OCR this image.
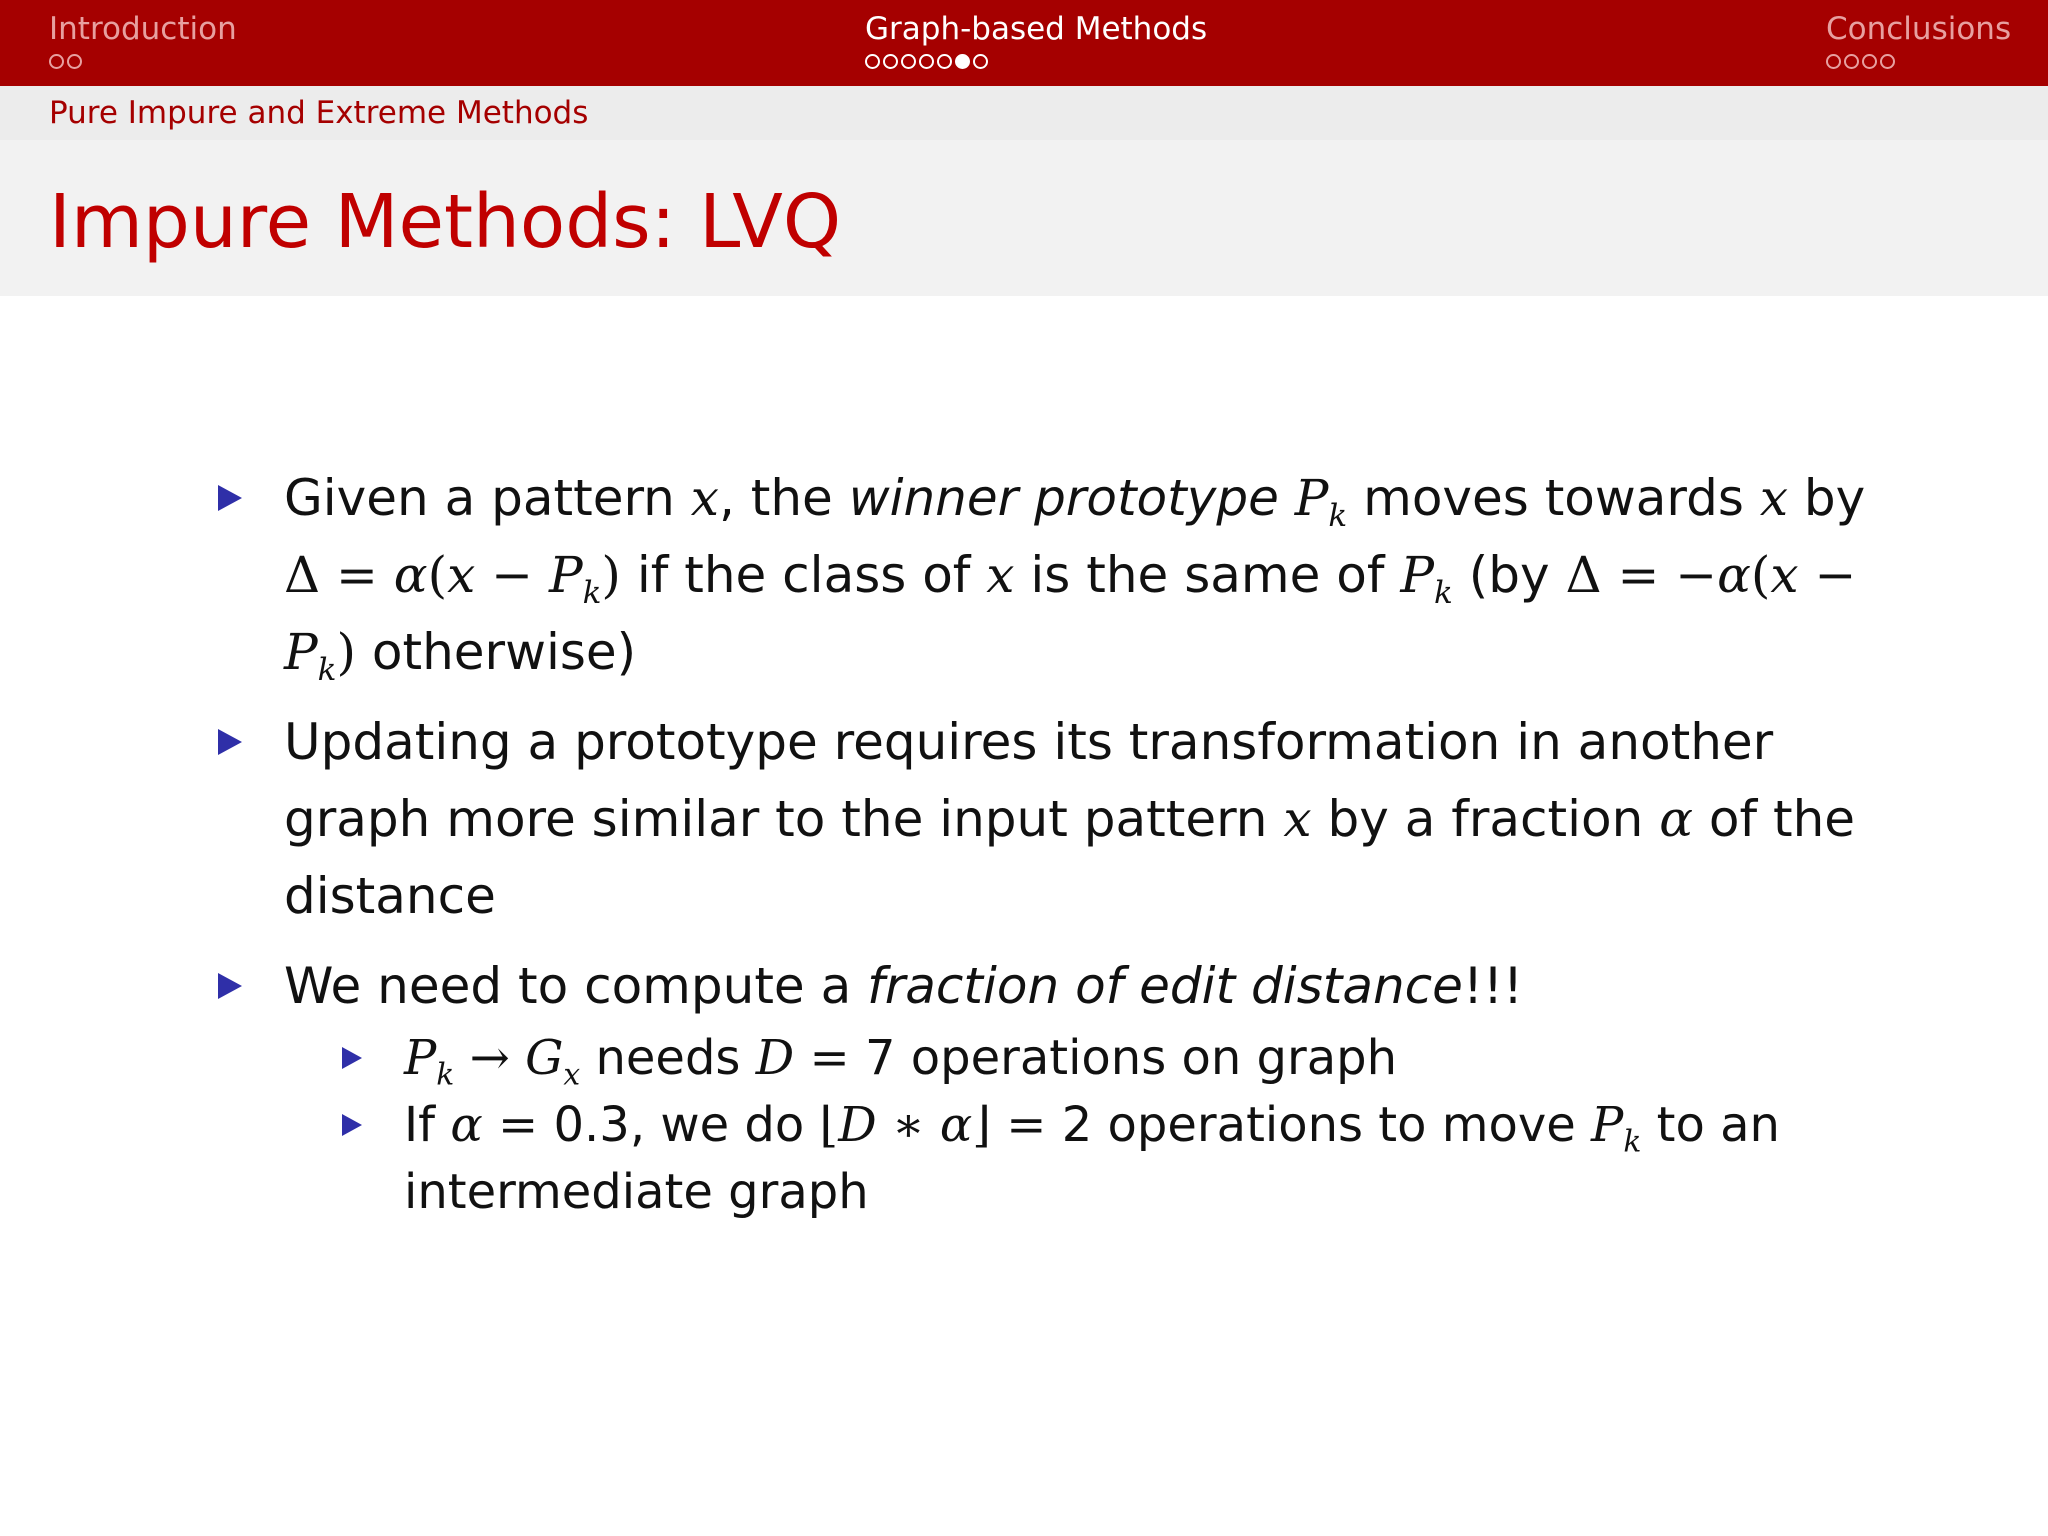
Introduction	Graph-based Methods	Conclusions
Pure Impure and Extreme Methods
Impure Methods: LVQ
Given a pattern x, the winner prototype $P_k$ moves towards x by $\Delta = \alpha(x - P_k)$ if the class of x is the same of $P_k$ (by $\Delta = -\alpha(x - P_k)$ otherwise)
Updating a prototype requires its transformation in another graph more similar to the input pattern x by a fraction α of the distance
We need to compute a fraction of edit distance!!!
$P_k \to G_x$ needs D = 7 operations on graph
If α = 0.3, we do ⌊D ∗ α⌋ = 2 operations to move $P_k$ to an intermediate graph
